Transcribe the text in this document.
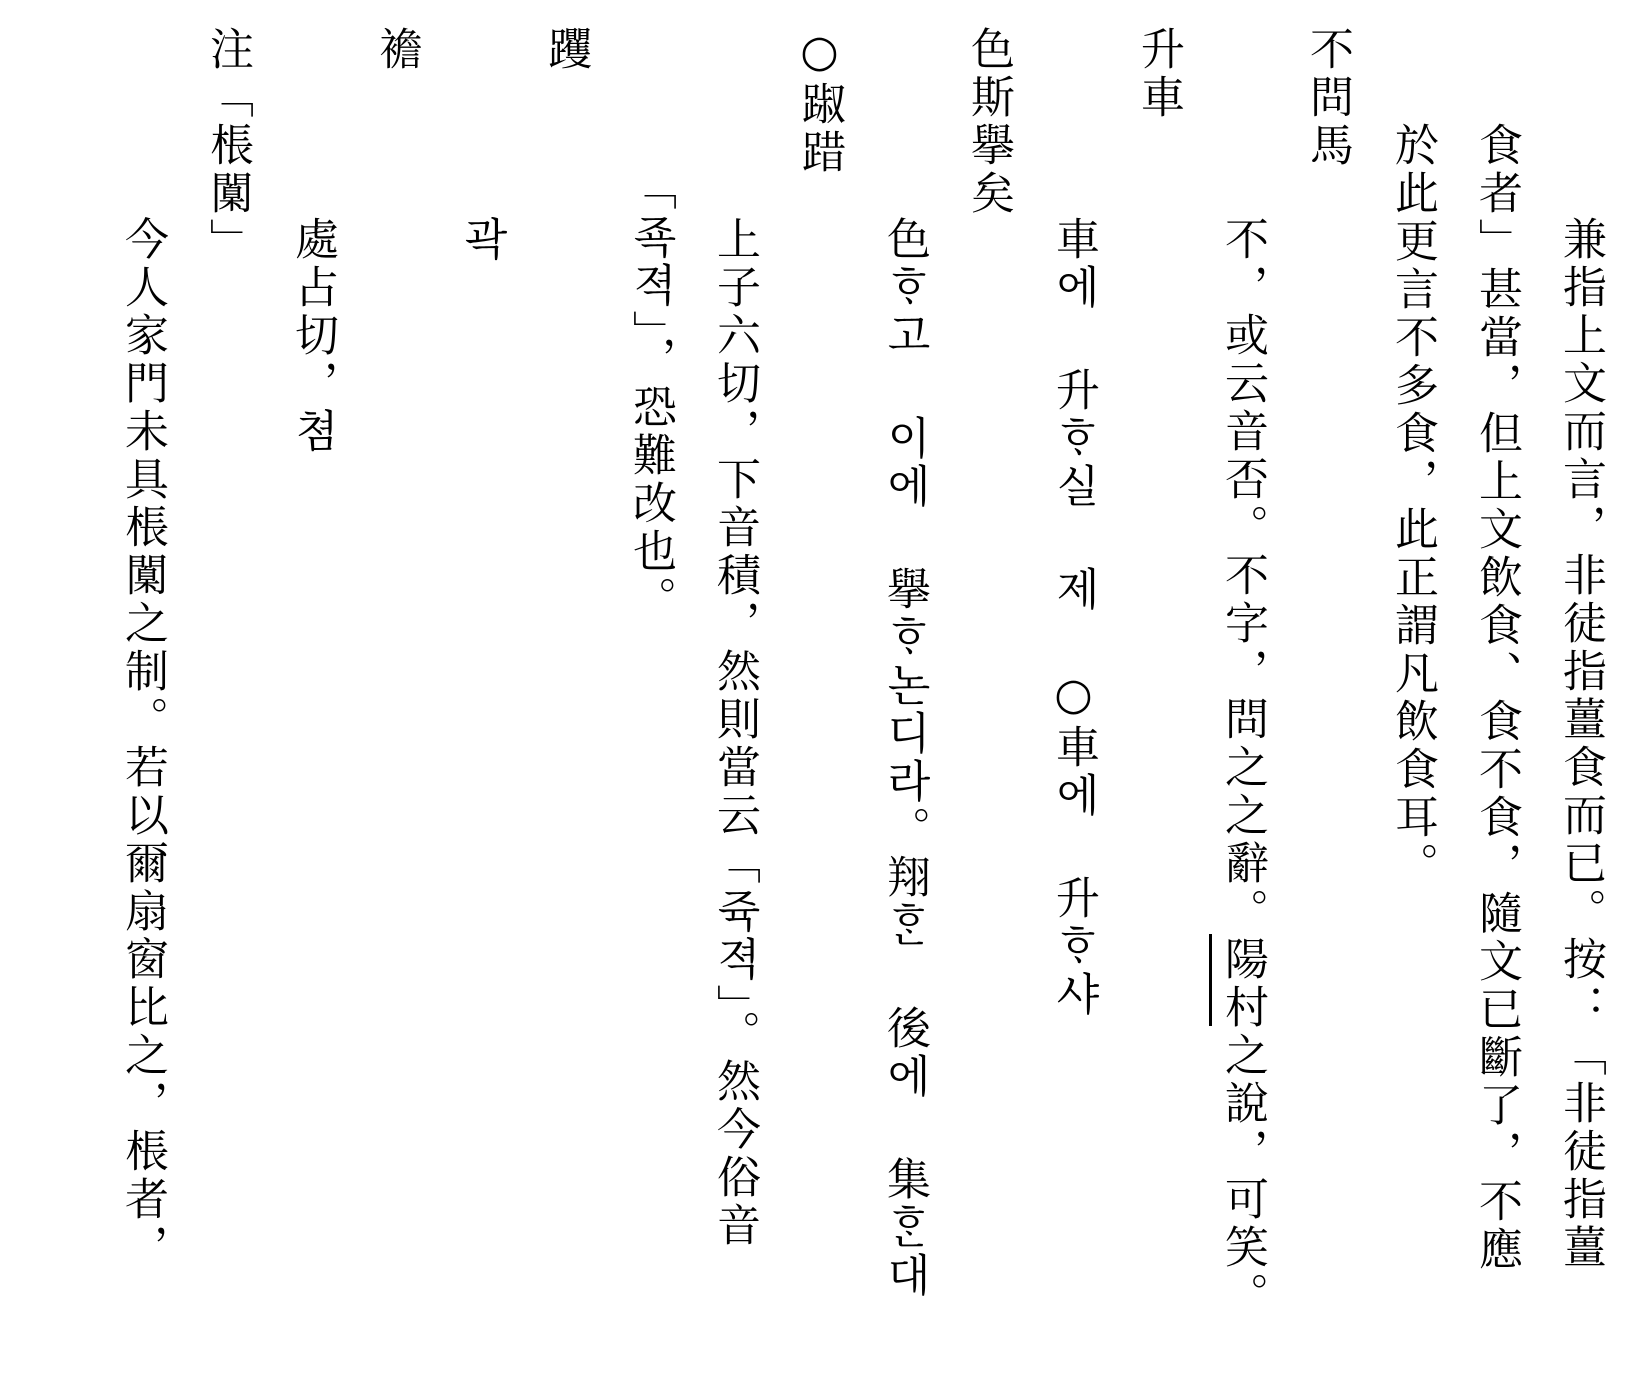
兼指上文而言，非徒指薑食而已。按：「非徒指薑

食者」甚當，但上文飲食、食不食，隨文已斷了，不應

於此更言不多食，此正謂凡飲食耳。

不問馬

不，或云音否。不字，問之之辭。陽村之說，可笑。

升車

車에 升ᄒᆞ실 제 ○車에 升ᄒᆞ샤

色斯擧矣

色ᄒᆞ고 이에 擧ᄒᆞ논디라。翔ᄒᆞᆫ 後에 集ᄒᆞᆫ대

○踧踖

上子六切，下音積，然則當云「쥭젹」。然今俗音

「죡젹」，恐難改也。

躩

곽

襜

處占切，쳠

注「棖闑」

今人家門未具棖闑之制。若以爾扇窗比之，棖者，
